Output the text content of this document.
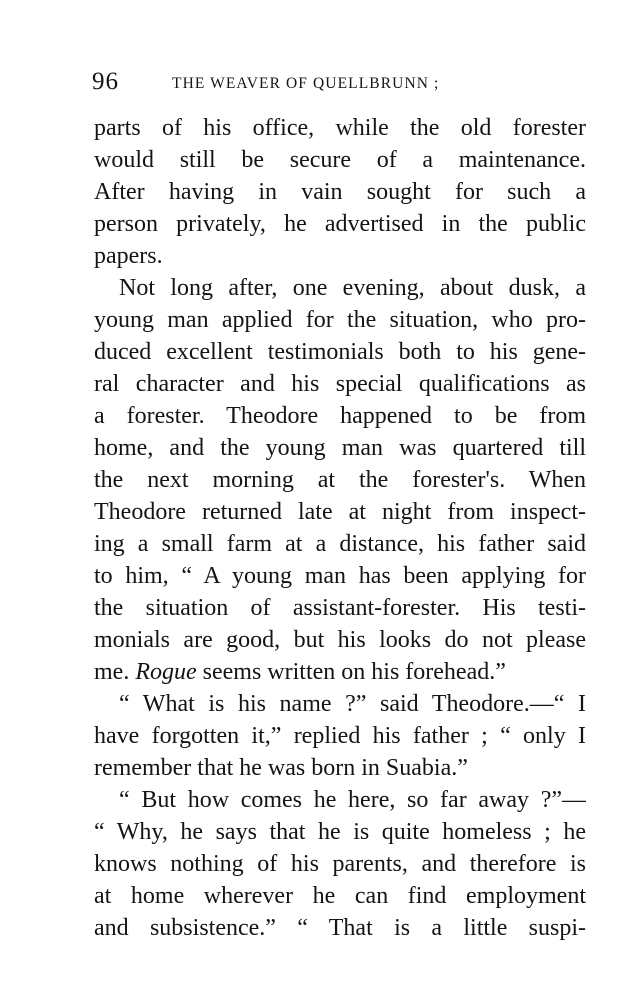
96	THE WEAVER OF QUELLBRUNN ;
parts of his office, while the old forester
would still be secure of a maintenance.
After having in vain sought for such a
person privately, he advertised in the public
papers.
Not long after, one evening, about dusk, a
young man applied for the situation, who pro-
duced excellent testimonials both to his gene-
ral character and his special qualifications as
a forester. Theodore happened to be from
home, and the young man was quartered till
the next morning at the forester's. When
Theodore returned late at night from inspect-
ing a small farm at a distance, his father said
to him, “ A young man has been applying for
the situation of assistant-forester. His testi-
monials are good, but his looks do not please
me. Rogue seems written on his forehead.”
“ What is his name ?” said Theodore.—“ I
have forgotten it,” replied his father ; “ only I
remember that he was born in Suabia.”
“ But how comes he here, so far away ?”—
“ Why, he says that he is quite homeless ; he
knows nothing of his parents, and therefore is
at home wherever he can find employment
and subsistence.” “ That is a little suspi-
